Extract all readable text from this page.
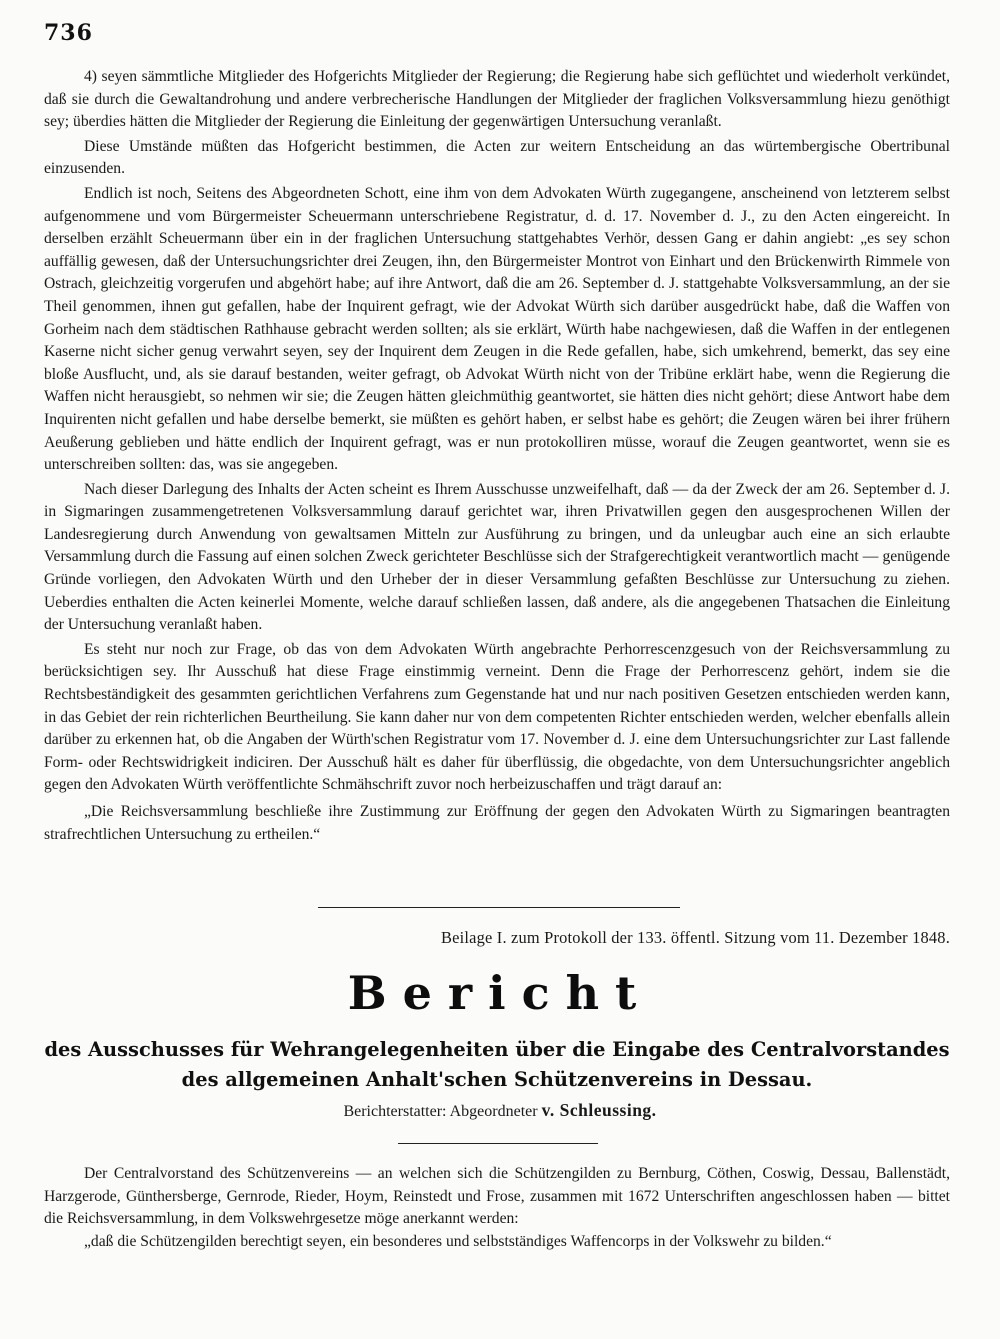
736

4) seyen sämmtliche Mitglieder des Hofgerichts Mitglieder der Regierung; die Regierung habe sich geflüchtet und wiederholt verkündet, daß sie durch die Gewaltandrohung und andere verbrecherische Handlungen der Mitglieder der fraglichen Volksversammlung hiezu genöthigt sey; überdies hätten die Mitglieder der Regierung die Einleitung der gegenwärtigen Untersuchung veranlaßt.

Diese Umstände müßten das Hofgericht bestimmen, die Acten zur weitern Entscheidung an das würtembergische Obertribunal einzusenden.

Endlich ist noch, Seitens des Abgeordneten Schott, eine ihm von dem Advokaten Würth zugegangene, anscheinend von letzterem selbst aufgenommene und vom Bürgermeister Scheuermann unterschriebene Registratur, d. d. 17. November d. J., zu den Acten eingereicht. In derselben erzählt Scheuermann über ein in der fraglichen Untersuchung stattgehabtes Verhör, dessen Gang er dahin angiebt: „es sey schon auffällig gewesen, daß der Untersuchungsrichter drei Zeugen, ihn, den Bürgermeister Montrot von Einhart und den Brückenwirth Rimmele von Ostrach, gleichzeitig vorgerufen und abgehört habe; auf ihre Antwort, daß die am 26. September d. J. stattgehabte Volksversammlung, an der sie Theil genommen, ihnen gut gefallen, habe der Inquirent gefragt, wie der Advokat Würth sich darüber ausgedrückt habe, daß die Waffen von Gorheim nach dem städtischen Rathhause gebracht werden sollten; als sie erklärt, Würth habe nachgewiesen, daß die Waffen in der entlegenen Kaserne nicht sicher genug verwahrt seyen, sey der Inquirent dem Zeugen in die Rede gefallen, habe, sich umkehrend, bemerkt, das sey eine bloße Ausflucht, und, als sie darauf bestanden, weiter gefragt, ob Advokat Würth nicht von der Tribüne erklärt habe, wenn die Regierung die Waffen nicht herausgiebt, so nehmen wir sie; die Zeugen hätten gleichmüthig geantwortet, sie hätten dies nicht gehört; diese Antwort habe dem Inquirenten nicht gefallen und habe derselbe bemerkt, sie müßten es gehört haben, er selbst habe es gehört; die Zeugen wären bei ihrer frühern Aeußerung geblieben und hätte endlich der Inquirent gefragt, was er nun protokolliren müsse, worauf die Zeugen geantwortet, wenn sie es unterschreiben sollten: das, was sie angegeben.

Nach dieser Darlegung des Inhalts der Acten scheint es Ihrem Ausschusse unzweifelhaft, daß — da der Zweck der am 26. September d. J. in Sigmaringen zusammengetretenen Volksversammlung darauf gerichtet war, ihren Privatwillen gegen den ausgesprochenen Willen der Landesregierung durch Anwendung von gewaltsamen Mitteln zur Ausführung zu bringen, und da unleugbar auch eine an sich erlaubte Versammlung durch die Fassung auf einen solchen Zweck gerichteter Beschlüsse sich der Strafgerechtigkeit verantwortlich macht — genügende Gründe vorliegen, den Advokaten Würth und den Urheber der in dieser Versammlung gefaßten Beschlüsse zur Untersuchung zu ziehen. Ueberdies enthalten die Acten keinerlei Momente, welche darauf schließen lassen, daß andere, als die angegebenen Thatsachen die Einleitung der Untersuchung veranlaßt haben.

Es steht nur noch zur Frage, ob das von dem Advokaten Würth angebrachte Perhorrescenzgesuch von der Reichsversammlung zu berücksichtigen sey. Ihr Ausschuß hat diese Frage einstimmig verneint. Denn die Frage der Perhorrescenz gehört, indem sie die Rechtsbeständigkeit des gesammten gerichtlichen Verfahrens zum Gegenstande hat und nur nach positiven Gesetzen entschieden werden kann, in das Gebiet der rein richterlichen Beurtheilung. Sie kann daher nur von dem competenten Richter entschieden werden, welcher ebenfalls allein darüber zu erkennen hat, ob die Angaben der Würth'schen Registratur vom 17. November d. J. eine dem Untersuchungsrichter zur Last fallende Form- oder Rechtswidrigkeit indiciren. Der Ausschuß hält es daher für überflüssig, die obgedachte, von dem Untersuchungsrichter angeblich gegen den Advokaten Würth veröffentlichte Schmähschrift zuvor noch herbeizuschaffen und trägt darauf an:

„Die Reichsversammlung beschließe ihre Zustimmung zur Eröffnung der gegen den Advokaten Würth zu Sigmaringen beantragten strafrechtlichen Untersuchung zu ertheilen.“

Beilage I. zum Protokoll der 133. öffentl. Sitzung vom 11. Dezember 1848.
Bericht
des Ausschusses für Wehrangelegenheiten über die Eingabe des Centralvorstandes des allgemeinen Anhalt'schen Schützenvereins in Dessau.
Berichterstatter: Abgeordneter v. Schleussing.

Der Centralvorstand des Schützenvereins — an welchen sich die Schützengilden zu Bernburg, Cöthen, Coswig, Dessau, Ballenstädt, Harzgerode, Günthersberge, Gernrode, Rieder, Hoym, Reinstedt und Frose, zusammen mit 1672 Unterschriften angeschlossen haben — bittet die Reichsversammlung, in dem Volkswehrgesetze möge anerkannt werden:

„daß die Schützengilden berechtigt seyen, ein besonderes und selbstständiges Waffencorps in der Volkswehr zu bilden.“
